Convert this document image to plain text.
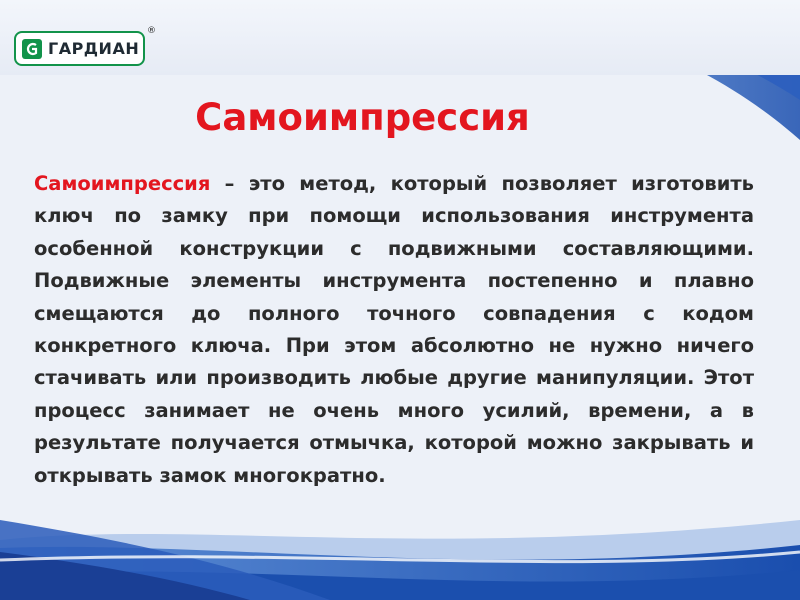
ГАРДИАН
®
Самоимпрессия

Самоимпрессия – это метод, который позволяет изготовить ключ по замку при помощи использования инструмента особенной конструкции с подвижными составляющими. Подвижные элементы инструмента постепенно и плавно смещаются до полного точного совпадения с кодом конкретного ключа. При этом абсолютно не нужно ничего стачивать или производить любые другие манипуляции. Этот процесс занимает не очень много усилий, времени, а в результате получается отмычка, которой можно закрывать и открывать замок многократно.
